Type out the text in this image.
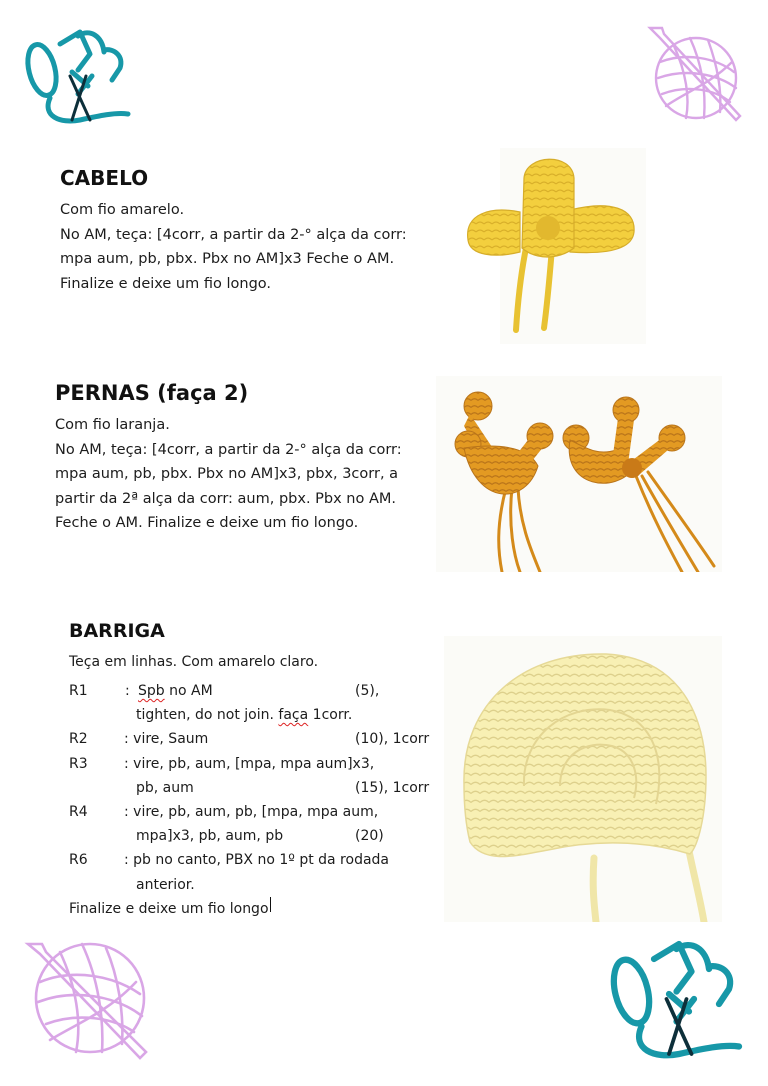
CABELO
Com fio amarelo.
No AM, teça: [4corr, a partir da 2-° alça da corr:
mpa aum, pb, pbx. Pbx no AM]x3 Feche o AM.
Finalize e deixe um fio longo.
PERNAS (faça 2)
Com fio laranja.
No AM, teça: [4corr, a partir da 2-° alça da corr:
mpa aum, pb, pbx. Pbx no AM]x3, pbx, 3corr, a
partir da 2ª alça da corr: aum, pbx. Pbx no AM.
Feche o AM. Finalize e deixe um fio longo.
BARRIGA
Teça em linhas. Com amarelo claro.
R1	: Spb no AM	(5),
tighten, do not join. faça 1corr.
R2	: vire, Saum	(10), 1corr
R3	: vire, pb, aum, [mpa, mpa aum]x3,
pb, aum	(15), 1corr
R4	: vire, pb, aum, pb, [mpa, mpa aum,
mpa]x3, pb, aum, pb	(20)
R6	: pb no canto, PBX no 1º pt da rodada
anterior.
Finalize e deixe um fio longo
